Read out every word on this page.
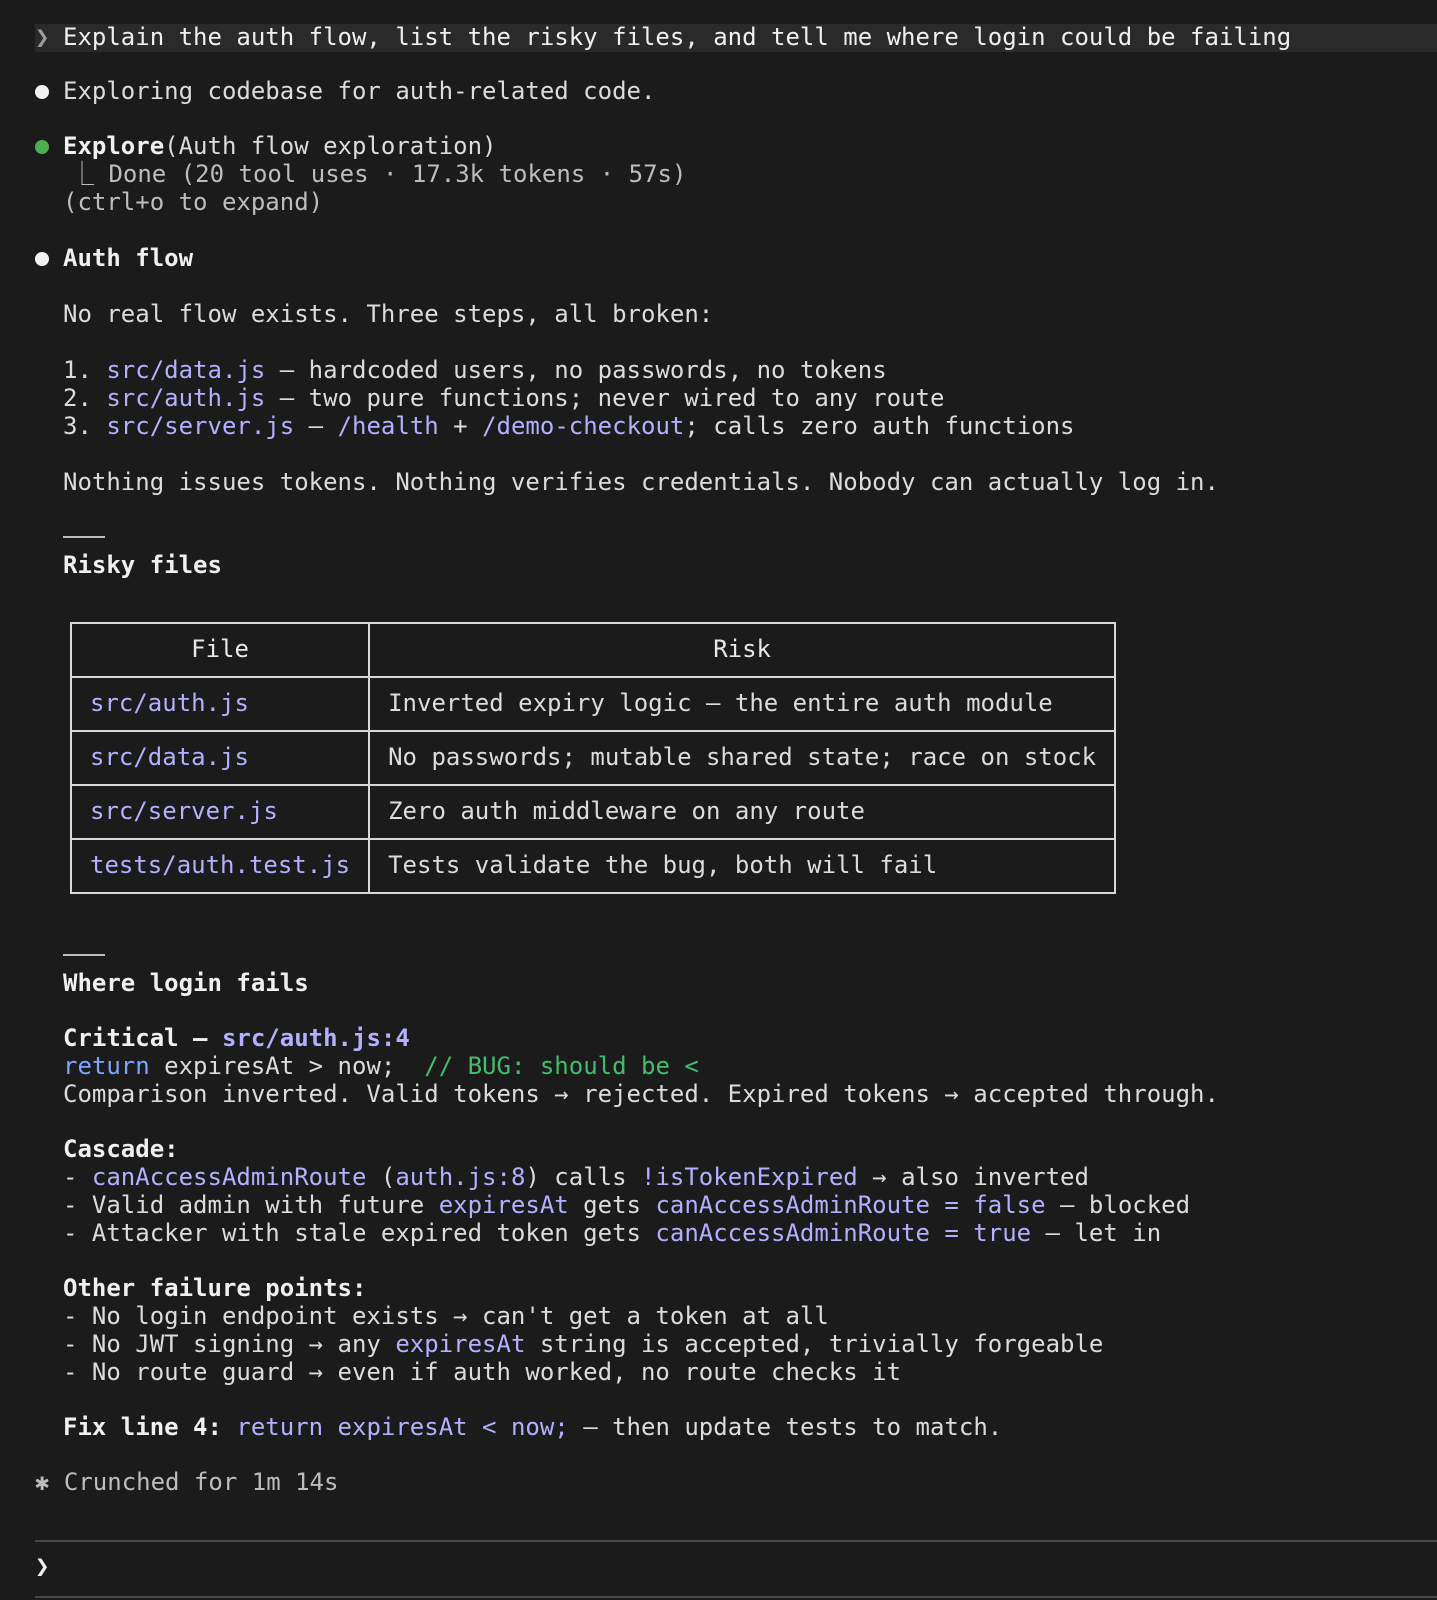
❯ Explain the auth flow, list the risky files, and tell me where login could be failing
Exploring codebase for auth-related code.
Explore(Auth flow exploration)
⎿ Done (20 tool uses · 17.3k tokens · 57s)
(ctrl+o to expand)
Auth flow
No real flow exists. Three steps, all broken:
1. src/data.js — hardcoded users, no passwords, no tokens
2. src/auth.js — two pure functions; never wired to any route
3. src/server.js — /health + /demo-checkout; calls zero auth functions
Nothing issues tokens. Nothing verifies credentials. Nobody can actually log in.
Risky files
File	Risk
src/auth.js	Inverted expiry logic — the entire auth module
src/data.js	No passwords; mutable shared state; race on stock
src/server.js	Zero auth middleware on any route
tests/auth.test.js	Tests validate the bug, both will fail
Where login fails
Critical — src/auth.js:4
return expiresAt > now;  // BUG: should be <
Comparison inverted. Valid tokens → rejected. Expired tokens → accepted through.
Cascade:
- canAccessAdminRoute (auth.js:8) calls !isTokenExpired → also inverted
- Valid admin with future expiresAt gets canAccessAdminRoute = false — blocked
- Attacker with stale expired token gets canAccessAdminRoute = true — let in
Other failure points:
- No login endpoint exists → can't get a token at all
- No JWT signing → any expiresAt string is accepted, trivially forgeable
- No route guard → even if auth worked, no route checks it
Fix line 4: return expiresAt < now; — then update tests to match.
✱ Crunched for 1m 14s
❯
